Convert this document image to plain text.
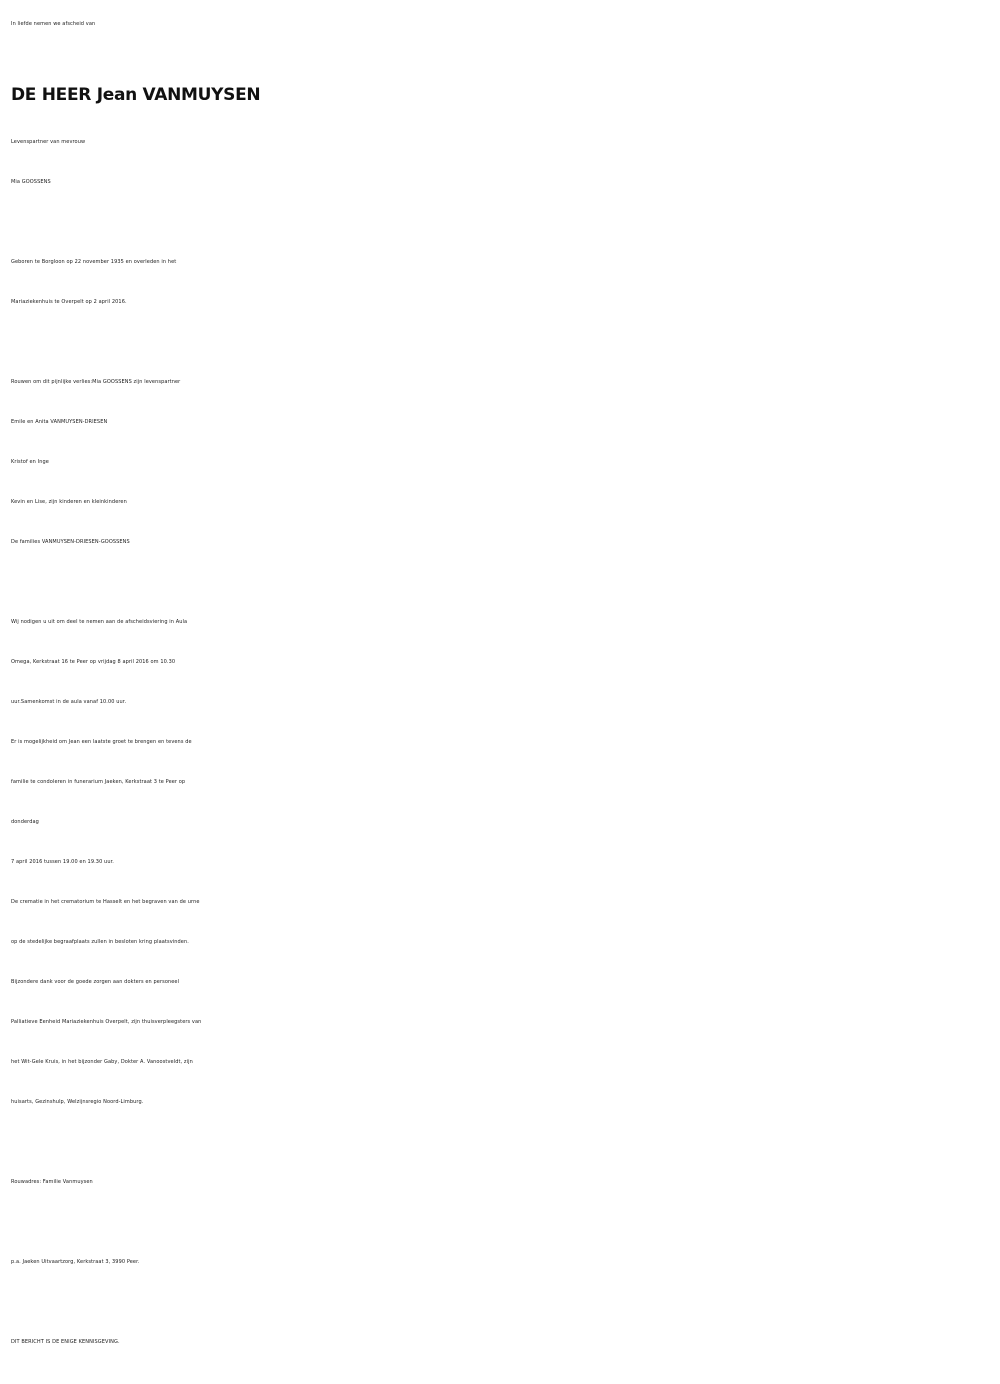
In liefde nemen we afscheid van
DE HEER Jean VANMUYSEN
Levenspartner van mevrouw
Mia GOOSSENS
Geboren te Borgloon op 22 november 1935 en overleden in het
Mariaziekenhuis te Overpelt op 2 april 2016.
Rouwen om dit pijnlijke verlies:Mia GOOSSENS zijn levenspartner
Emile en Anita VANMUYSEN-DRIESEN
Kristof en Inge
Kevin en Lise, zijn kinderen en kleinkinderen
De families VANMUYSEN-DRIESEN-GOOSSENS
Wij nodigen u uit om deel te nemen aan de afscheidsviering in Aula
Omega, Kerkstraat 16 te Peer op vrijdag 8 april 2016 om 10.30
uur.Samenkomst in de aula vanaf 10.00 uur.
Er is mogelijkheid om Jean een laatste groet te brengen en tevens de
familie te condoleren in funerarium Jaeken, Kerkstraat 3 te Peer op
donderdag
7 april 2016 tussen 19.00 en 19.30 uur.
De crematie in het crematorium te Hasselt en het begraven van de urne
op de stedelijke begraafplaats zullen in besloten kring plaatsvinden.
Bijzondere dank voor de goede zorgen aan dokters en personeel
Palliatieve Eenheid Mariaziekenhuis Overpelt, zijn thuisverpleegsters van
het Wit-Gele Kruis, in het bijzonder Gaby, Dokter A. Vanoostveldt, zijn
huisarts, Gezinshulp, Welzijnsregio Noord-Limburg.
Rouwadres: Familie Vanmuysen
p.a. Jaeken Uitvaartzorg, Kerkstraat 3, 3990 Peer.
DIT BERICHT IS DE ENIGE KENNISGEVING.
